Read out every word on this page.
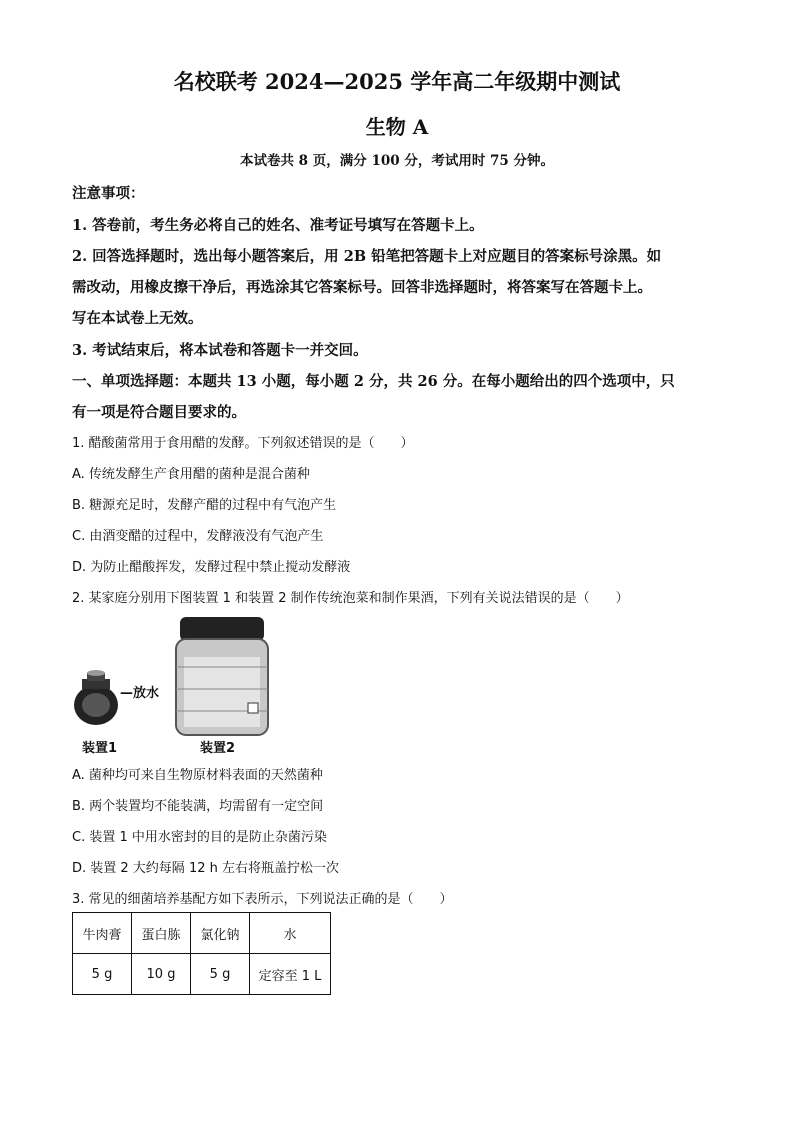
名校联考 2024—2025 学年高二年级期中测试
生物 A
本试卷共 8 页，满分 100 分，考试用时 75 分钟。
注意事项：
1. 答卷前，考生务必将自己的姓名、准考证号填写在答题卡上。
2. 回答选择题时，选出每小题答案后，用 2B 铅笔把答题卡上对应题目的答案标号涂黑。如
需改动，用橡皮擦干净后，再选涂其它答案标号。回答非选择题时，将答案写在答题卡上。
写在本试卷上无效。
3. 考试结束后，将本试卷和答题卡一并交回。
一、单项选择题：本题共 13 小题，每小题 2 分，共 26 分。在每小题给出的四个选项中，只
有一项是符合题目要求的。
1. 醋酸菌常用于食用醋的发酵。下列叙述错误的是（　　）
A. 传统发酵生产食用醋的菌种是混合菌种
B. 糖源充足时，发酵产醋的过程中有气泡产生
C. 由酒变醋的过程中，发酵液没有气泡产生
D. 为防止醋酸挥发，发酵过程中禁止搅动发酵液
2. 某家庭分别用下图装置 1 和装置 2 制作传统泡菜和制作果酒，下列有关说法错误的是（　　）
—放水
装置1	装置2
A. 菌种均可来自生物原材料表面的天然菌种
B. 两个装置均不能装满，均需留有一定空间
C. 装置 1 中用水密封的目的是防止杂菌污染
D. 装置 2 大约每隔 12 h 左右将瓶盖拧松一次
3. 常见的细菌培养基配方如下表所示，下列说法正确的是（　　）
牛肉膏	蛋白胨	氯化钠	水
5 g	10 g	5 g	定容至 1 L
